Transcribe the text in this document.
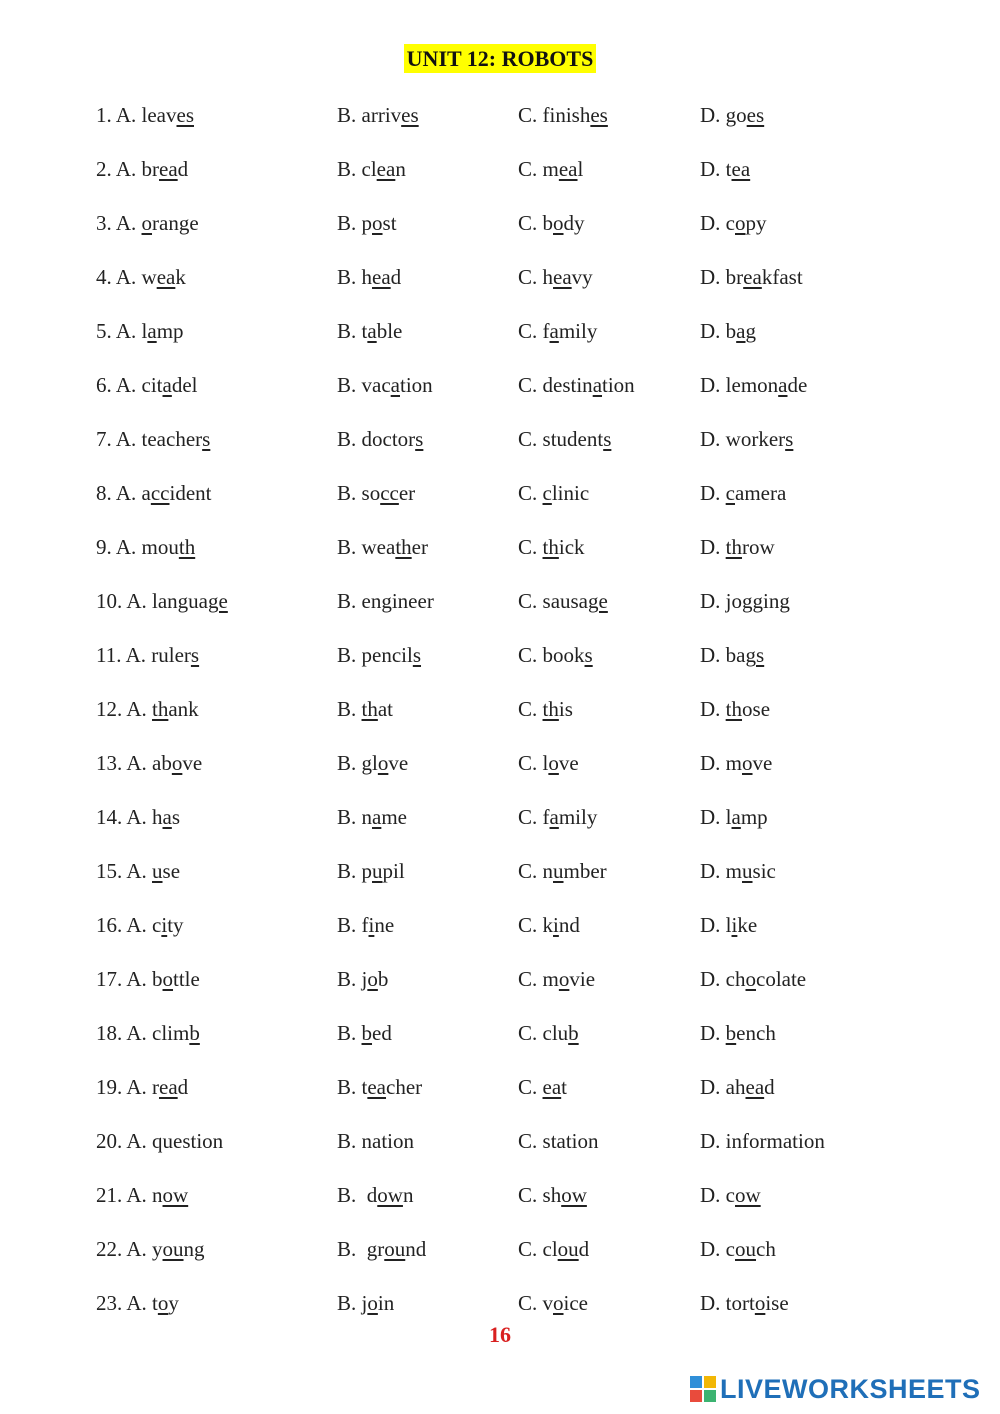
UNIT 12: ROBOTS
1. A. leaves	B. arrives	C. finishes	D. goes
2. A. bread	B. clean	C. meal	D. tea
3. A. orange	B. post	C. body	D. copy
4. A. weak	B. head	C. heavy	D. breakfast
5. A. lamp	B. table	C. family	D. bag
6. A. citadel	B. vacation	C. destination	D. lemonade
7. A. teachers	B. doctors	C. students	D. workers
8. A. accident	B. soccer	C. clinic	D. camera
9. A. mouth	B. weather	C. thick	D. throw
10. A. language	B. engineer	C. sausage	D. jogging
11. A. rulers	B. pencils	C. books	D. bags
12. A. thank	B. that	C. this	D. those
13. A. above	B. glove	C. love	D. move
14. A. has	B. name	C. family	D. lamp
15. A. use	B. pupil	C. number	D. music
16. A. city	B. fine	C. kind	D. like
17. A. bottle	B. job	C. movie	D. chocolate
18. A. climb	B. bed	C. club	D. bench
19. A. read	B. teacher	C. eat	D. ahead
20. A. question	B. nation	C. station	D. information
21. A. now	B.  down	C. show	D. cow
22. A. young	B.  ground	C. cloud	D. couch
23. A. toy	B. join	C. voice	D. tortoise
16
LIVEWORKSHEETS
